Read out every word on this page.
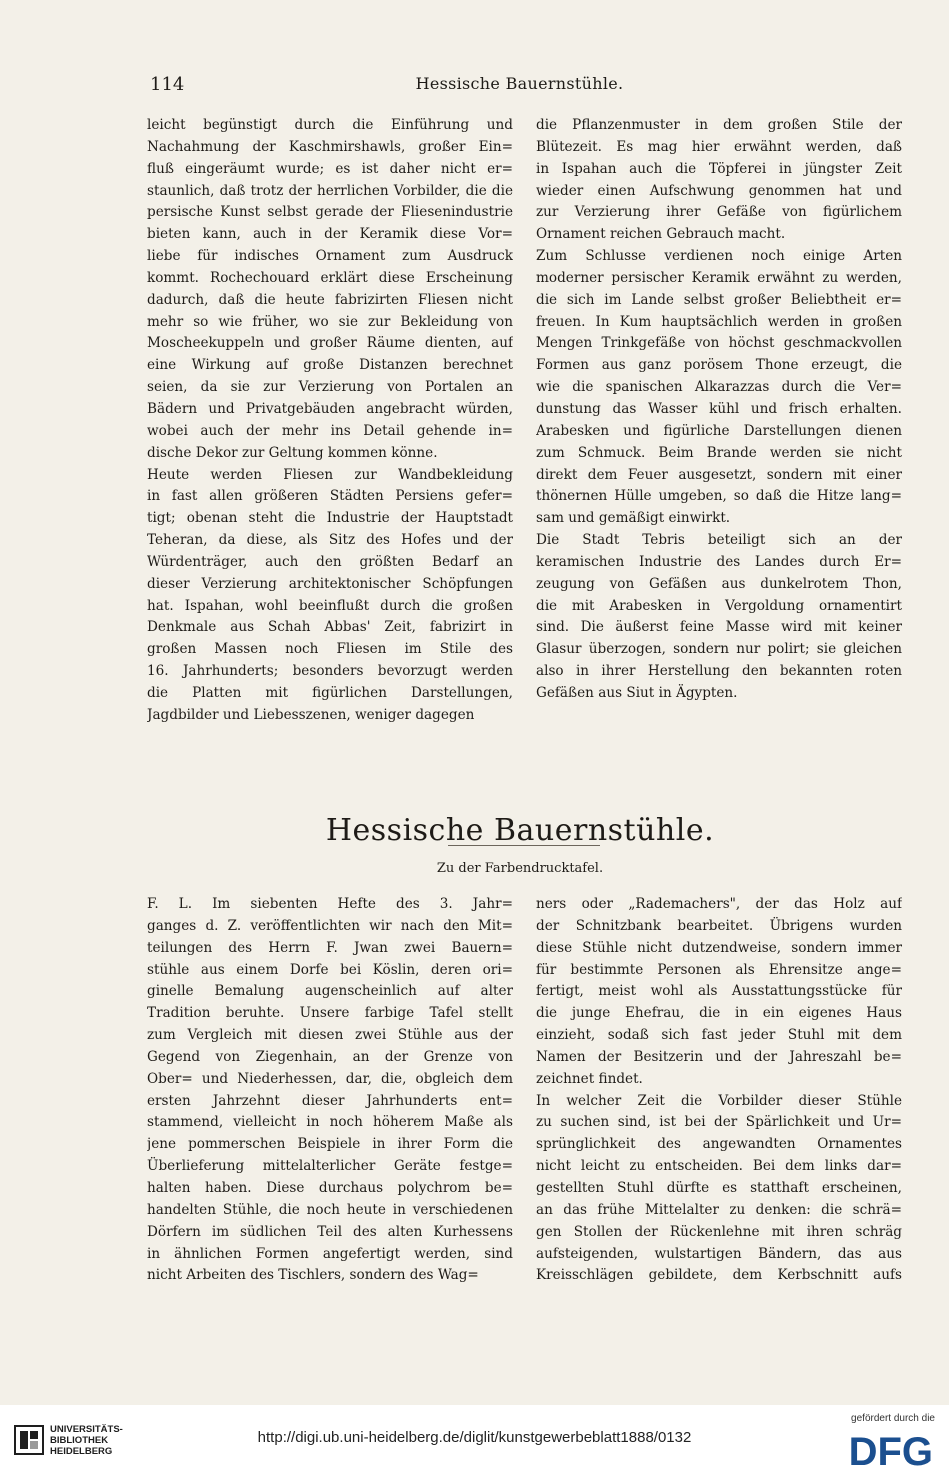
114	Hessische Bauernstühle.
leicht begünstigt durch die Einführung und
Nachahmung der Kaschmirshawls, großer Ein=
fluß eingeräumt wurde; es ist daher nicht er=
staunlich, daß trotz der herrlichen Vorbilder, die die
persische Kunst selbst gerade der Fliesenindustrie
bieten kann, auch in der Keramik diese Vor=
liebe für indisches Ornament zum Ausdruck
kommt. Rochechouard erklärt diese Erscheinung
dadurch, daß die heute fabrizirten Fliesen nicht
mehr so wie früher, wo sie zur Bekleidung von
Moscheekuppeln und großer Räume dienten, auf
eine Wirkung auf große Distanzen berechnet
seien, da sie zur Verzierung von Portalen an
Bädern und Privatgebäuden angebracht würden,
wobei auch der mehr ins Detail gehende in=
dische Dekor zur Geltung kommen könne.
Heute werden Fliesen zur Wandbekleidung
in fast allen größeren Städten Persiens gefer=
tigt; obenan steht die Industrie der Hauptstadt
Teheran, da diese, als Sitz des Hofes und der
Würdenträger, auch den größten Bedarf an
dieser Verzierung architektonischer Schöpfungen
hat. Ispahan, wohl beeinflußt durch die großen
Denkmale aus Schah Abbas' Zeit, fabrizirt in
großen Massen noch Fliesen im Stile des
16. Jahrhunderts; besonders bevorzugt werden
die Platten mit figürlichen Darstellungen,
Jagdbilder und Liebesszenen, weniger dagegen
die Pflanzenmuster in dem großen Stile der
Blütezeit. Es mag hier erwähnt werden, daß
in Ispahan auch die Töpferei in jüngster Zeit
wieder einen Aufschwung genommen hat und
zur Verzierung ihrer Gefäße von figürlichem
Ornament reichen Gebrauch macht.
Zum Schlusse verdienen noch einige Arten
moderner persischer Keramik erwähnt zu werden,
die sich im Lande selbst großer Beliebtheit er=
freuen. In Kum hauptsächlich werden in großen
Mengen Trinkgefäße von höchst geschmackvollen
Formen aus ganz porösem Thone erzeugt, die
wie die spanischen Alkarazzas durch die Ver=
dunstung das Wasser kühl und frisch erhalten.
Arabesken und figürliche Darstellungen dienen
zum Schmuck. Beim Brande werden sie nicht
direkt dem Feuer ausgesetzt, sondern mit einer
thönernen Hülle umgeben, so daß die Hitze lang=
sam und gemäßigt einwirkt.
Die Stadt Tebris beteiligt sich an der
keramischen Industrie des Landes durch Er=
zeugung von Gefäßen aus dunkelrotem Thon,
die mit Arabesken in Vergoldung ornamentirt
sind. Die äußerst feine Masse wird mit keiner
Glasur überzogen, sondern nur polirt; sie gleichen
also in ihrer Herstellung den bekannten roten
Gefäßen aus Siut in Ägypten.
Hessische Bauernstühle.
Zu der Farbendrucktafel.
F. L. Im siebenten Hefte des 3. Jahr=
ganges d. Z. veröffentlichten wir nach den Mit=
teilungen des Herrn F. Jwan zwei Bauern=
stühle aus einem Dorfe bei Köslin, deren ori=
ginelle Bemalung augenscheinlich auf alter
Tradition beruhte. Unsere farbige Tafel stellt
zum Vergleich mit diesen zwei Stühle aus der
Gegend von Ziegenhain, an der Grenze von
Ober= und Niederhessen, dar, die, obgleich dem
ersten Jahrzehnt dieser Jahrhunderts ent=
stammend, vielleicht in noch höherem Maße als
jene pommerschen Beispiele in ihrer Form die
Überlieferung mittelalterlicher Geräte festge=
halten haben. Diese durchaus polychrom be=
handelten Stühle, die noch heute in verschiedenen
Dörfern im südlichen Teil des alten Kurhessens
in ähnlichen Formen angefertigt werden, sind
nicht Arbeiten des Tischlers, sondern des Wag=
ners oder „Rademachers", der das Holz auf
der Schnitzbank bearbeitet. Übrigens wurden
diese Stühle nicht dutzendweise, sondern immer
für bestimmte Personen als Ehrensitze ange=
fertigt, meist wohl als Ausstattungsstücke für
die junge Ehefrau, die in ein eigenes Haus
einzieht, sodaß sich fast jeder Stuhl mit dem
Namen der Besitzerin und der Jahreszahl be=
zeichnet findet.
In welcher Zeit die Vorbilder dieser Stühle
zu suchen sind, ist bei der Spärlichkeit und Ur=
sprünglichkeit des angewandten Ornamentes
nicht leicht zu entscheiden. Bei dem links dar=
gestellten Stuhl dürfte es statthaft erscheinen,
an das frühe Mittelalter zu denken: die schrä=
gen Stollen der Rückenlehne mit ihren schräg
aufsteigenden, wulstartigen Bändern, das aus
Kreisschlägen gebildete, dem Kerbschnitt aufs
UNIVERSITÄTS-
BIBLIOTHEK
HEIDELBERG
http://digi.ub.uni-heidelberg.de/diglit/kunstgewerbeblatt1888/0132
gefördert durch die
DFG
